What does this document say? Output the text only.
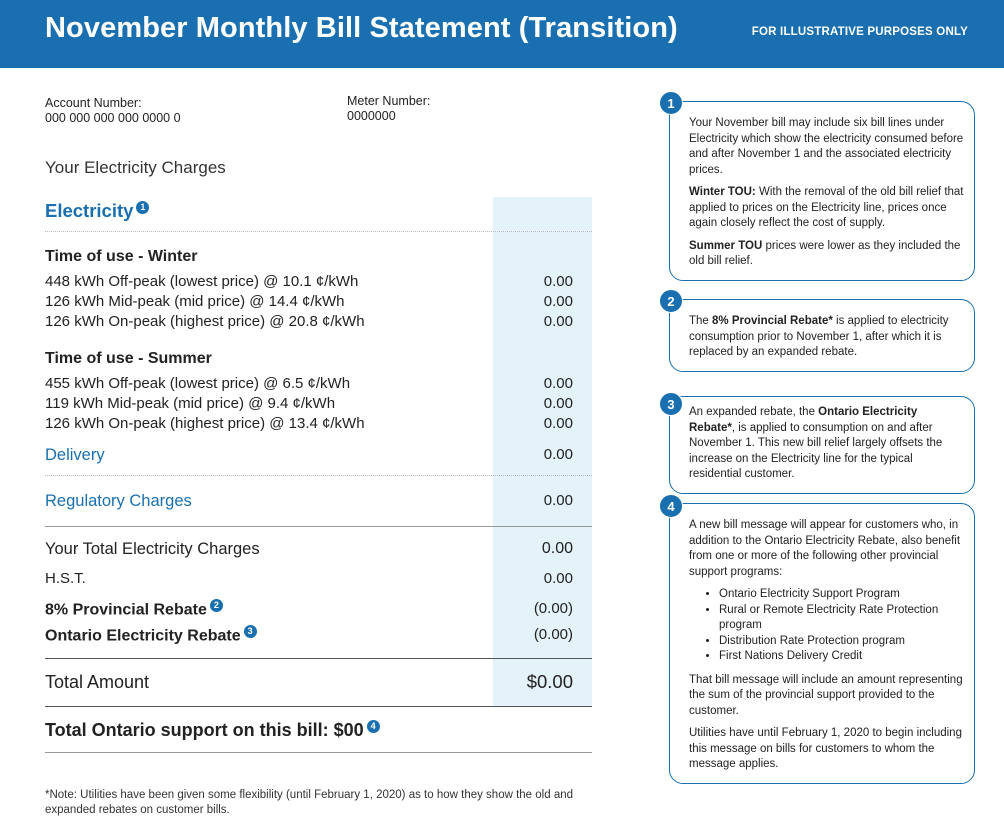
November Monthly Bill Statement (Transition)	FOR ILLUSTRATIVE PURPOSES ONLY
Account Number:
000 000 000 000 0000 0
Meter Number:
0000000
Your Electricity Charges
Electricity 1
Time of use - Winter
448 kWh Off-peak (lowest price) @ 10.1 ¢/kWh	0.00
126 kWh Mid-peak (mid price) @ 14.4 ¢/kWh	0.00
126 kWh On-peak (highest price) @ 20.8 ¢/kWh	0.00
Time of use - Summer
455 kWh Off-peak (lowest price) @ 6.5 ¢/kWh	0.00
119 kWh Mid-peak (mid price) @ 9.4 ¢/kWh	0.00
126 kWh On-peak (highest price) @ 13.4 ¢/kWh	0.00
Delivery	0.00
Regulatory Charges	0.00
Your Total Electricity Charges	0.00
H.S.T.	0.00
8% Provincial Rebate 2	(0.00)
Ontario Electricity Rebate 3	(0.00)
Total Amount	$0.00
Total Ontario support on this bill: $00 4
*Note: Utilities have been given some flexibility (until February 1, 2020) as to how they show the old and expanded rebates on customer bills.

Your November bill may include six bill lines under Electricity which show the electricity consumed before and after November 1 and the associated electricity prices.

Winter TOU: With the removal of the old bill relief that applied to prices on the Electricity line, prices once again closely reflect the cost of supply.

Summer TOU prices were lower as they included the old bill relief.

1

The 8% Provincial Rebate* is applied to electricity consumption prior to November 1, after which it is replaced by an expanded rebate.

2

An expanded rebate, the Ontario Electricity Rebate*, is applied to consumption on and after November 1. This new bill relief largely offsets the increase on the Electricity line for the typical residential customer.

3

A new bill message will appear for customers who, in addition to the Ontario Electricity Rebate, also benefit from one or more of the following other provincial support programs:

• Ontario Electricity Support Program
• Rural or Remote Electricity Rate Protection program
• Distribution Rate Protection program
• First Nations Delivery Credit

That bill message will include an amount representing the sum of the provincial support provided to the customer.

Utilities have until February 1, 2020 to begin including this message on bills for customers to whom the message applies.

4
